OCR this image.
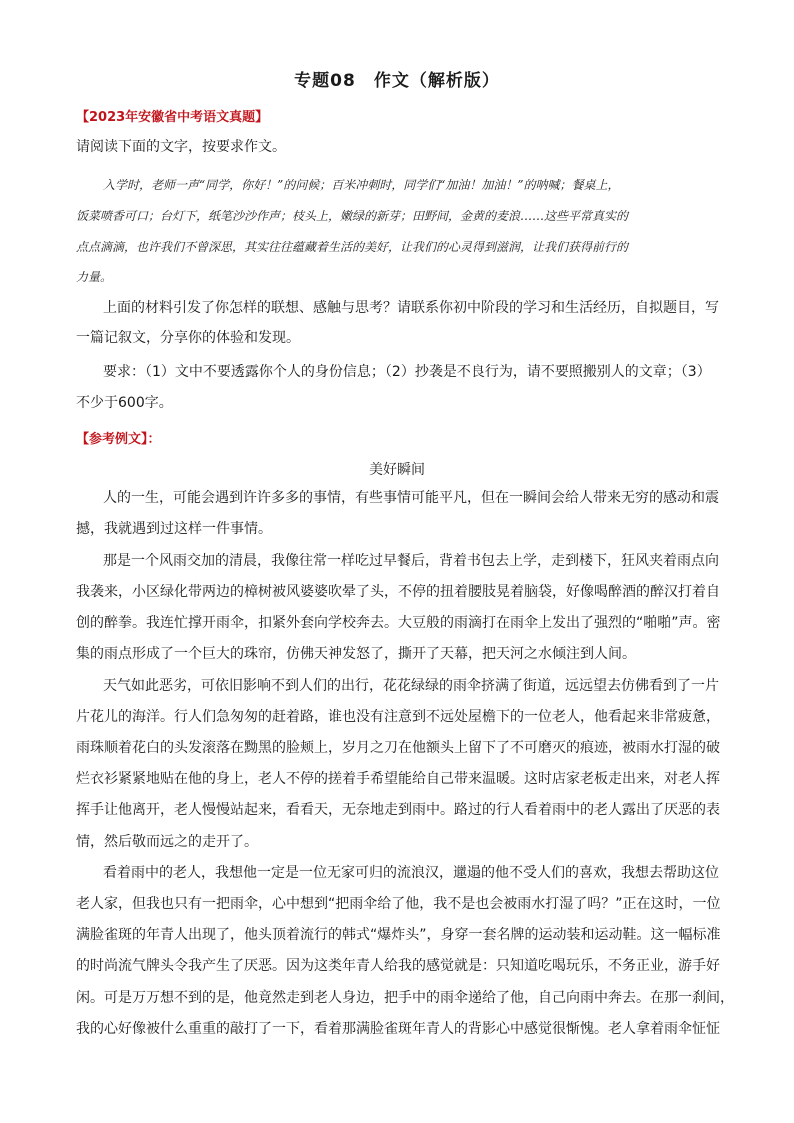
专题08　作文（解析版）
【2023年安徽省中考语文真题】
请阅读下面的文字，按要求作文。
入学时，老师一声“同学，你好！”的问候；百米冲刺时，同学们“加油！加油！”的呐喊；餐桌上，
饭菜喷香可口；台灯下，纸笔沙沙作声；枝头上，嫩绿的新芽；田野间，金黄的麦浪……这些平常真实的
点点滴滴，也许我们不曾深思，其实往往蕴藏着生活的美好，让我们的心灵得到滋润，让我们获得前行的
力量。
上面的材料引发了你怎样的联想、感触与思考？请联系你初中阶段的学习和生活经历，自拟题目，写
一篇记叙文，分享你的体验和发现。
要求：（1）文中不要透露你个人的身份信息；（2）抄袭是不良行为，请不要照搬别人的文章；（3）
不少于600字。
【参考例文】：
美好瞬间
人的一生，可能会遇到许许多多的事情，有些事情可能平凡，但在一瞬间会给人带来无穷的感动和震
撼，我就遇到过这样一件事情。
那是一个风雨交加的清晨，我像往常一样吃过早餐后，背着书包去上学，走到楼下，狂风夹着雨点向
我袭来，小区绿化带两边的樟树被风婆婆吹晕了头，不停的扭着腰肢晃着脑袋，好像喝醉酒的醉汉打着自
创的醉拳。我连忙撑开雨伞，扣紧外套向学校奔去。大豆般的雨滴打在雨伞上发出了强烈的“啪啪”声。密
集的雨点形成了一个巨大的珠帘，仿佛天神发怒了，撕开了天幕，把天河之水倾注到人间。
天气如此恶劣，可依旧影响不到人们的出行，花花绿绿的雨伞挤满了街道，远远望去仿佛看到了一片
片花儿的海洋。行人们急匆匆的赶着路，谁也没有注意到不远处屋檐下的一位老人，他看起来非常疲惫，
雨珠顺着花白的头发滚落在黝黑的脸颊上，岁月之刀在他额头上留下了不可磨灭的痕迹，被雨水打湿的破
烂衣衫紧紧地贴在他的身上，老人不停的搓着手希望能给自己带来温暖。这时店家老板走出来，对老人挥
挥手让他离开，老人慢慢站起来，看看天，无奈地走到雨中。路过的行人看着雨中的老人露出了厌恶的表
情，然后敬而远之的走开了。
看着雨中的老人，我想他一定是一位无家可归的流浪汉，邋遢的他不受人们的喜欢，我想去帮助这位
老人家，但我也只有一把雨伞，心中想到“把雨伞给了他，我不是也会被雨水打湿了吗？”正在这时，一位
满脸雀斑的年青人出现了，他头顶着流行的韩式“爆炸头”，身穿一套名牌的运动装和运动鞋。这一幅标准
的时尚流气牌头令我产生了厌恶。因为这类年青人给我的感觉就是：只知道吃喝玩乐，不务正业，游手好
闲。可是万万想不到的是，他竟然走到老人身边，把手中的雨伞递给了他，自己向雨中奔去。在那一刹间，
我的心好像被什么重重的敲打了一下，看着那满脸雀斑年青人的背影心中感觉很惭愧。老人拿着雨伞怔怔
